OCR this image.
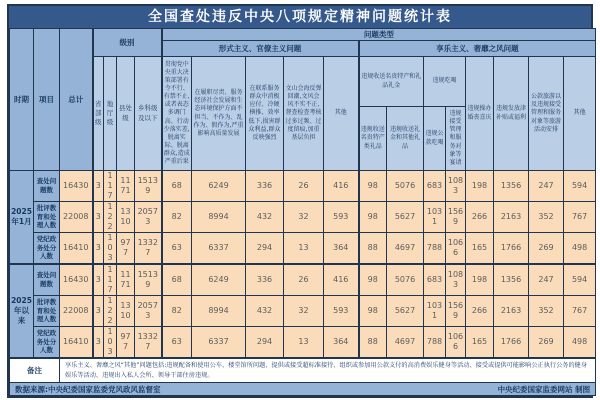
全国查处违反中央八项规定精神问题统计表
时期	项目	总计	级别				问题类型												
							形式主义、官僚主义问题					享乐主义、奢靡之风问题							
			省部级	地厅级	县处级	乡科级及以下	贯彻党中央重大决策部署有令不行、有禁不止,或者表态多调门高、行动少落实差,脱离实际、脱离群众,造成严重后果	在履职尽责、服务经济社会发展和生态环境保护方面不担当、不作为、乱作为、假作为,严重影响高质量发展	在联系服务群众中消极应付、冷硬横推、效率低下,损害群众利益,群众反映强烈	文山会海反弹回潮,文风会风不实不正,督查检查考核过多过频、过度留痕,加重基层负担	其他	违规收送名贵特产和礼品礼金		违规吃喝		违规操办婚丧喜庆	违规发放津补贴或福利	公款旅游以及违规接受管理和服务对象等旅游活动安排	其他
												违规收送名贵特产类礼品	违规收送礼金和其他礼品	违规公款吃喝	违规接受管理和服务对象等宴请				
2025年1月	查处问题数	16430	3	117	1171	15139	68	6249	336	26	416	98	5076	683	1083	198	1356	247	594
	批评教育和处理人数	22008	3	122	1310	20573	82	8994	432	32	593	98	5627	1031	1569	266	2163	352	767
	党纪政务处分人数	16410	3	103	977	13327	63	6337	294	13	364	88	4697	788	1066	165	1766	269	498
2025年以来	查处问题数	16430	3	117	1171	15139	68	6249	336	26	416	98	5076	683	1083	198	1356	247	594
	批评教育和处理人数	22008	3	122	1310	20573	82	8994	432	32	593	98	5627	1031	1569	266	2163	352	767
	党纪政务处分人数	16410	3	103	977	13327	63	6337	294	13	364	88	4697	788	1066	165	1766	269	498
备注		享乐主义、奢靡之风“其他”问题包括:违规配备和使用公车、楼堂馆所问题、提供或接受超标准接待、组织或参加用公款支付的高消费娱乐健身等活动、接受或提供可能影响公正执行公务的健身娱乐等活动、违规出入私人会所、领导干部住房违规。																	

数据来源:中央纪委国家监委党风政风监督室 中央纪委国家监委网站 制图																			
